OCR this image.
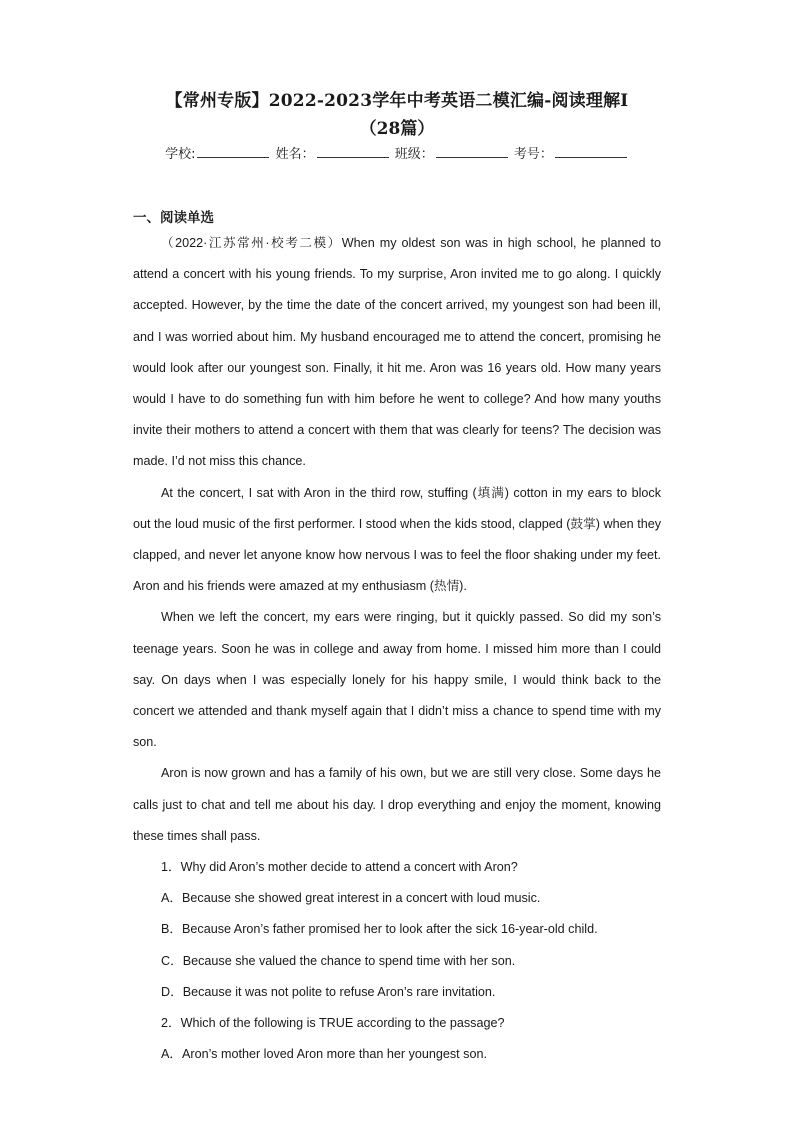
【常州专版】2022-2023学年中考英语二模汇编-阅读理解Ⅰ
（28篇）
学校:	姓名：	班级：	考号：
一、阅读单选

（2022·江苏常州·校考二模）When my oldest son was in high school, he planned to attend a concert with his young friends. To my surprise, Aron invited me to go along. I quickly accepted. However, by the time the date of the concert arrived, my youngest son had been ill, and I was worried about him. My husband encouraged me to attend the concert, promising he would look after our youngest son. Finally, it hit me. Aron was 16 years old. How many years would I have to do something fun with him before he went to college? And how many youths invite their mothers to attend a concert with them that was clearly for teens? The decision was made. I’d not miss this chance.

At the concert, I sat with Aron in the third row, stuffing (填满) cotton in my ears to block out the loud music of the first performer. I stood when the kids stood, clapped (鼓掌) when they clapped, and never let anyone know how nervous I was to feel the floor shaking under my feet. Aron and his friends were amazed at my enthusiasm (热情).

When we left the concert, my ears were ringing, but it quickly passed. So did my son’s teenage years. Soon he was in college and away from home. I missed him more than I could say. On days when I was especially lonely for his happy smile, I would think back to the concert we attended and thank myself again that I didn’t miss a chance to spend time with my son.

Aron is now grown and has a family of his own, but we are still very close. Some days he calls just to chat and tell me about his day. I drop everything and enjoy the moment, knowing these times shall pass.

1．Why did Aron’s mother decide to attend a concert with Aron?

A．Because she showed great interest in a concert with loud music.

B．Because Aron’s father promised her to look after the sick 16-year-old child.

C．Because she valued the chance to spend time with her son.

D．Because it was not polite to refuse Aron’s rare invitation.

2．Which of the following is TRUE according to the passage?

A．Aron’s mother loved Aron more than her youngest son.
